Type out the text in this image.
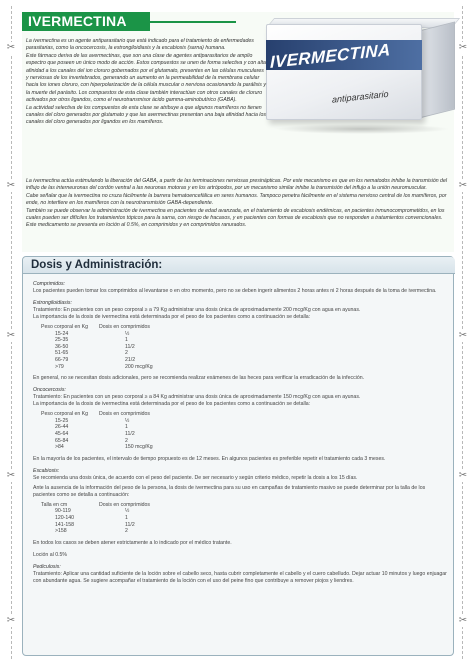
✂
✂
✂
✂
✂
✂
✂
✂
✂
✂
IVERMECTINA
IVERMECTINA
antiparasitario

La ivermectina es un agente antiparasitario que está indicado para el tratamiento de enfermedades parasitarias, como la oncocercosis, la estrongiloidiasis y la escabiosis (sarna) humana.

Este fármaco deriva de las avermectinas, que son una clase de agentes antiparasitarios de amplio espectro que poseen un único modo de acción. Estos compuestos se unen de forma selectiva y con alta afinidad a los canales del ion cloruro gobernados por el glutamato, presentes en las células musculares y nerviosas de los invertebrados, generando un aumento en la permeabilidad de la membrana celular hacia los iones cloruro, con hiperpolarización de la célula muscular o nerviosa ocasionando la parálisis y la muerte del parásito. Los compuestos de esta clase también interactúan con otros canales de cloruro activados por otros ligandos, como el neurotransmisor ácido gamma-aminobutírico (GABA).

La actividad selectiva de los compuestos de esta clase se atribuye a que algunos mamíferos no tienen canales del cloro generados por glutamato y que las avermectinas presentan una baja afinidad hacia los canales del cloro generados por ligandos en los mamíferos.

La ivermectina actúa estimulando la liberación del GABA, a partir de las terminaciones nerviosas presinápticas. Por este mecanismo es que en los nematodos inhibe la transmisión del influjo de las interneuronas del cordón ventral a las neuronas motoras y en los artrópodos, por un mecanismo similar inhibe la transmisión del influjo a la unión neuromuscular.

Cabe señalar que la ivermectina no cruza fácilmente la barrera hematoencefálica en seres humanos. Tampoco penetra fácilmente en el sistema nervioso central de los mamíferos, por ende, no interfiere en los mamíferos con la neurotransmisión GABA-dependiente.

También se puede observar la administración de ivermectina en pacientes de edad avanzada, en el tratamiento de escabiosis endémicas, en pacientes inmunocomprometidos, en los cuales pueden ser difíciles los tratamientos tópicos para la sarna, con riesgo de fracasos, y en pacientes con formas de escabiosis que no responden a tratamientos convencionales.

Este medicamento se presenta en loción al 0.5%, en comprimidos y en comprimidos ranurados.

Dosis y Administración:

Comprimidos:

Los pacientes pueden tomar los comprimidos al levantarse o en otro momento, pero no se deben ingerir alimentos 2 horas antes ni 2 horas después de la toma de ivermectina.

Estrongiloidiasis:

Tratamiento: En pacientes con un peso corporal ≥ a 79 Kg administrar una dosis única de aproximadamente 200 mcg/Kg con agua en ayunas.

La importancia de la dosis de ivermectina está determinada por el peso de los pacientes como a continuación se detalla:

Peso corporal en Kg	Dosis en comprimidos
15-24	½
25-35	1
36-50	11/2
51-65	2
66-79	21/2
>79	200 mcg/Kg

En general, no se necesitan dosis adicionales, pero se recomienda realizar exámenes de las heces para verificar la erradicación de la infección.

Oncocercosis:

Tratamiento: En pacientes con un peso corporal ≥ a 84 Kg administrar una dosis única de aproximadamente 150 mcg/Kg con agua en ayunas.

La importancia de la dosis de ivermectina está determinada por el peso de los pacientes como a continuación se detalla:

Peso corporal en Kg	Dosis en comprimidos
15-25	½
26-44	1
45-64	11/2
65-84	2
>84	150 mcg/Kg

En la mayoría de los pacientes, el intervalo de tiempo propuesto es de 12 meses. En algunos pacientes es preferible repetir el tratamiento cada 3 meses.

Escabiosis:

Se recomienda una dosis única, de acuerdo con el peso del paciente. De ser necesario y según criterio médico, repetir la dosis a los 15 días.

Ante la ausencia de la información del peso de la persona, la dosis de ivermectina para su uso en campañas de tratamiento masivo se puede determinar por la talla de los pacientes como se detalla a continuación:

Talla en cm	Dosis en comprimidos
90-119	½
120-140	1
141-158	11/2
>158	2

En todos los casos se deben atener estrictamente a lo indicado por el médico tratante.

Loción al 0.5%

Pediculosis:

Tratamiento: Aplicar una cantidad suficiente de la loción sobre el cabello seco, hasta cubrir completamente el cabello y el cuero cabelludo. Dejar actuar 10 minutos y luego enjuagar con abundante agua. Se sugiere acompañar el tratamiento de la loción con el uso del peine fino que contribuye a remover piojos y liendres.
